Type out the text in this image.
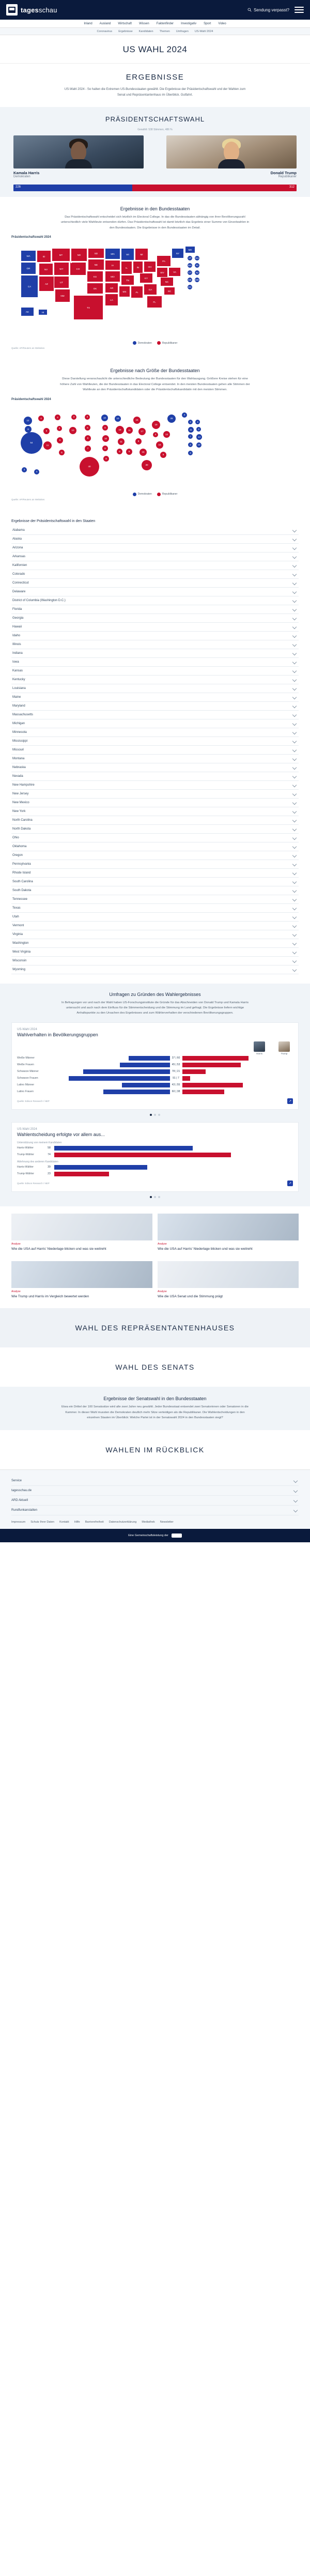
tagesschau	Sendung verpasst?
Inland Ausland Wirtschaft Wissen Faktenfinder Investigativ Sport Video
Coronavirus Ergebnisse Kandidaten Themen Umfragen US-Wahl 2024
US WAHL 2024
ERGEBNISSE
US-Wahl 2024 - So halten die Extremen US-Bundesstaaten gewählt. Die Ergebnisse der Präsidentschaftswahl und der Wahlen zum Senat und Repräsentantenhaus im Überblick. Gutfahrt.
PRÄSIDENTSCHAFTSWAHL
Gewählt: 538 Stimmen, 486 %
Kamala Harris
Demokraten
Donald Trump
Republikaner
226	312
Ergebnisse in den Bundesstaaten
Das Präsidentschaftswahl entscheidet sich letztlich im Electoral College. In das die Bundesstaaten abhängig von ihrer Bevölkerungszahl unterschiedlich viele Wahlleute entsenden dürfen. Das Präsidentschaftswahl ist damit letztlich das Ergebnis einer Summe von Einzelwahlen in den Bundesstaaten. Die Ergebnisse in den Bundesstaaten im Detail.
Präsidentschaftswahl 2024
WA
OR
CA
ID
NV
AZ
MT
WY
UT
NM
CO
ND
SD
NE
KS
OK
TX
MN
IA
MO
AR
LA
WI
IL	IN
TN
MS	AL
MI
OH
KY
GA
FL
PA
WV	VA
NC
SC
NY
ME
VT	NH
MA	RI
CT	NJ
DE	MD
DC
AK	HI
Demokraten	Republikaner
Quelle: AP/Reuters an Websites
Ergebnisse nach Größe der Bundesstaaten
Diese Darstellung veranschaulicht die unterschiedliche Bedeutung der Bundesstaaten für den Wahlausgang. Größere Kreise stehen für eine höhere Zahl von Wahlleuten, die der Bundesstaaten in das Electoral College entsendet. In den meisten Bundesstaaten gehen alle Stimmen der Wahlleute an den Präsidentschaftskandidaten oder die Präsidentschaftskandidatin mit den meisten Stimmen.
Präsidentschaftswahl 2024
54
12
8
4
6
11
4
3
6
5
10
3	3
5
6
7
40
10
6
10
6
8
10
19	11
11
6	9
15
17
8
16
30
19
4	13
16
9
28
4
3	4
11	4
7	14
3	10
3
3
4
Demokraten	Republikaner
Quelle: AP/Reuters an Websites
Ergebnisse der Präsidentschaftswahl in den Staaten
Alabama
Alaska
Arizona
Arkansas
Kalifornien
Colorado
Connecticut
Delaware
District of Columbia (Washington D.C.)
Florida
Georgia
Hawaii
Idaho
Illinois
Indiana
Iowa
Kansas
Kentucky
Louisiana
Maine
Maryland
Massachusetts
Michigan
Minnesota
Mississippi
Missouri
Montana
Nebraska
Nevada
New Hampshire
New Jersey
New Mexico
New York
North Carolina
North Dakota
Ohio
Oklahoma
Oregon
Pennsylvania
Rhode Island
South Carolina
South Dakota
Tennessee
Texas
Utah
Vermont
Virginia
Washington
West Virginia
Wisconsin
Wyoming
Umfragen zu Gründen des Wahlergebnisses
In Befragungen vor und nach der Wahl haben US-Forschungsinstitute die Gründe für das Abschneiden von Donald Trump und Kamala Harris untersucht und auch nach dem Einfluss für die Stimmentscheidung und die Stimmung im Land gefragt. Die Ergebnisse liefern wichtige Anhaltspunkte zu den Ursachen des Ergebnisses und zum Wählerverhalten der verschiedenen Bevölkerungsgruppen.
US-Wahl 2024
Wahlverhalten in Bevölkerungsgruppen
Harris	Trump
Weiße Männer	37 | 60
Weiße Frauen	45 | 53
Schwarze Männer	78 | 21
Schwarze Frauen	91 | 7
Latino Männer	43 | 55
Latino Frauen	60 | 38
Quelle: Edison Research / NEP	↗
US-Wahl 2024
Wahlentscheidung erfolgte vor allem aus...
Unterstützung von meinem Kandidaten
Harris-Wähler	58
Trump-Wähler	74
Ablehnung des anderen Kandidaten
Harris-Wähler	39
Trump-Wähler	23
Quelle: Edison Research / NEP	↗
Analyse
Wie die USA auf Harris' Niederlage blicken und was sie weitreht
Analyse
Wie die USA auf Harris' Niederlage blicken und was sie weitreht
Analyse
Wie Trump und Harris im Vergleich bewertet werden
Analyse
Wie die USA Senat und die Stimmung prägt
WAHL DES REPRÄSENTANTENHAUSES
WAHL DES SENATS
Ergebnisse der Senatswahl in den Bundesstaaten
Etwa ein Drittel der 100 Senatssitze wird alle zwei Jahre neu gewählt. Jeder Bundesstaat entsendet zwei Senatorinnen oder Senatoren in die Kammer. In dieser Wahl mussten die Demokraten deutlich mehr Sitze verteidigen als die Republikaner. Die Wahlentscheidungen in den einzelnen Staaten im Überblick: Welche Partei ist in der Senatswahl 2024 in den Bundesstaaten siegt?
WAHLEN IM RÜCKBLICK
Service
tagesschau.de
ARD Aktuell
Rundfunkanstalten
Impressum Schutz Ihrer Daten Kontakt Hilfe Barrierefreiheit Datenschutzerklärung Mediathek Newsletter
Eine Gemeinschaftsleistung der	ARD
